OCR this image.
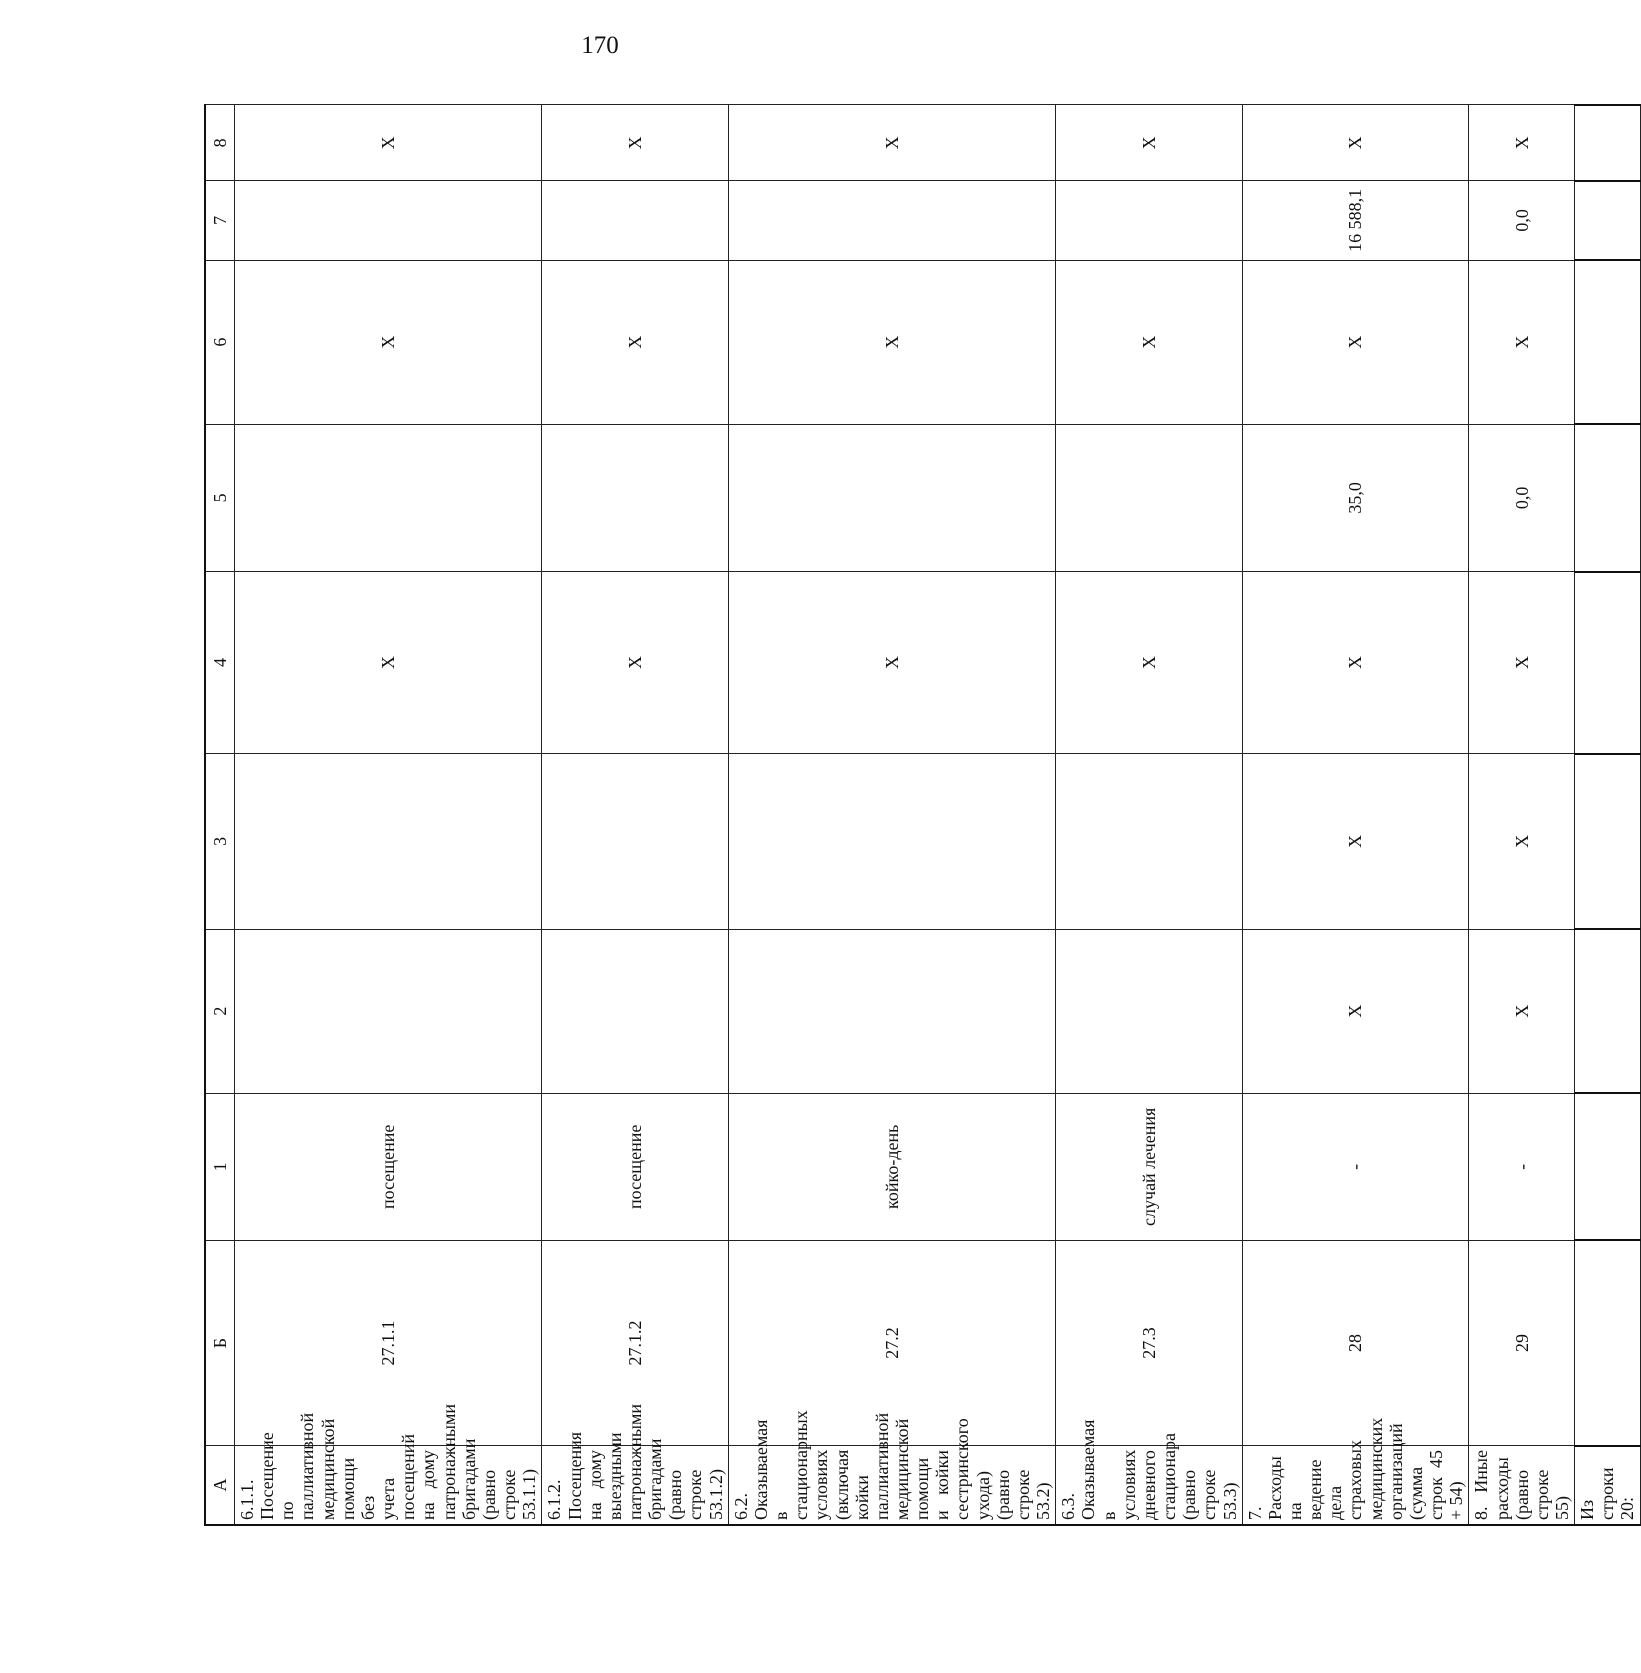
170
А	Б	1	2	3	4	5	6	7	8
6.1.1. Посещение по паллиативной медицинской помощи без учета посещений на дому патронажными бригадами (равно строке 53.1.1)	27.1.1	посещение			X		X		X
6.1.2. Посещения на дому выездными патронажными бригадами (равно строке 53.1.2)	27.1.2	посещение			X		X		X
6.2. Оказываемая в стационарных условиях (включая койки паллиативной медицинской помощи и койки сестринского ухода) (равно строке 53.2)	27.2	койко-день			X		X		X
6.3. Оказываемая в условиях дневного стационара (равно строке 53.3)	27.3	случай лечения			X		X		X
7. Расходы на ведение дела страховых медицинских организаций (сумма строк 45 + 54)	28	-	X	X	X	35,0	X	16 588,1	X
8. Иные расходы (равно строке 55)	29	-	X	X	X	0,0	X	0,0	X
Из строки 20:									
